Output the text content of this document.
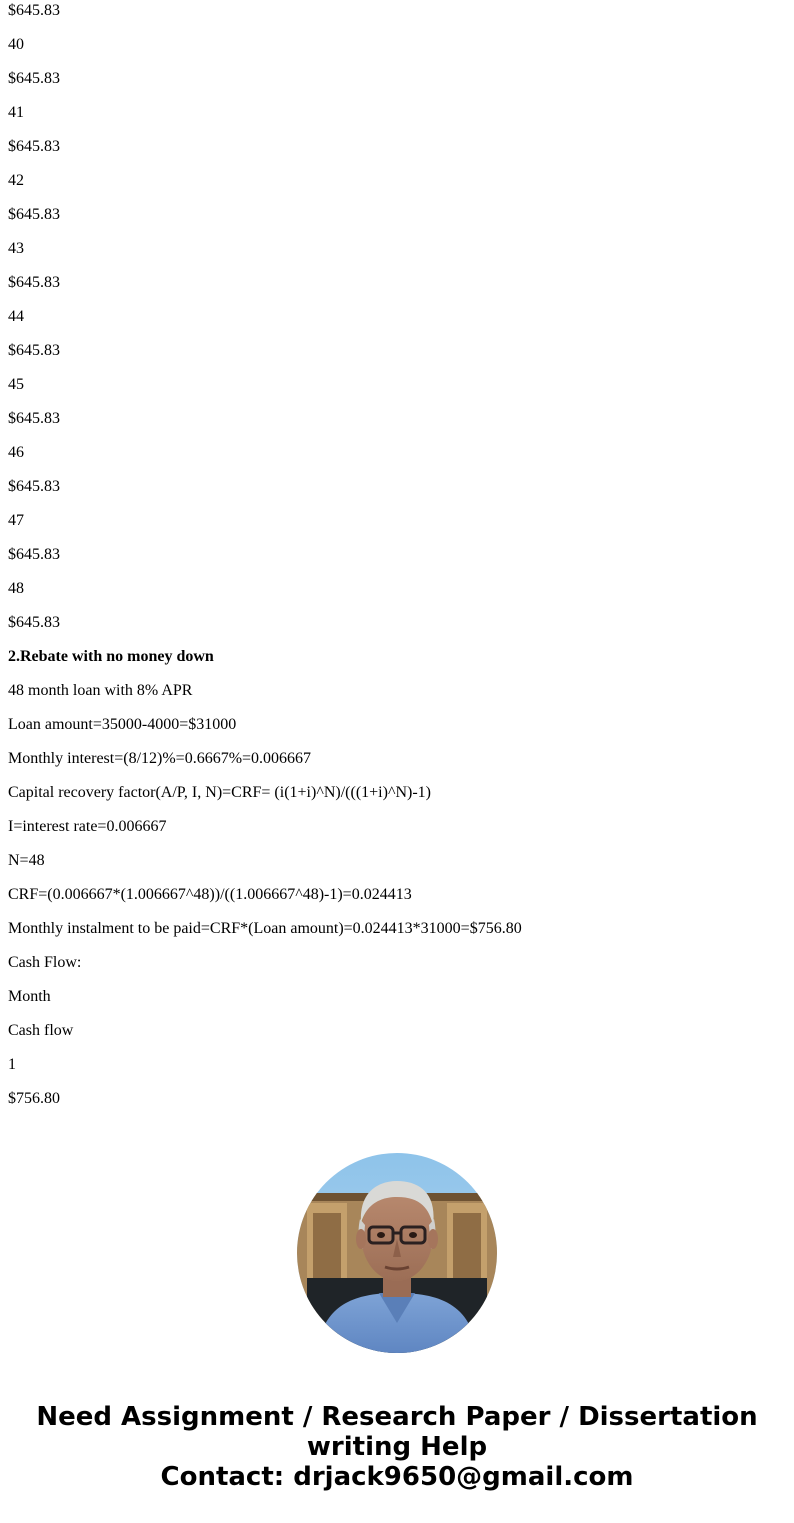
$645.83
40
$645.83
41
$645.83
42
$645.83
43
$645.83
44
$645.83
45
$645.83
46
$645.83
47
$645.83
48
$645.83
2.Rebate with no money down
48 month loan with 8% APR
Loan amount=35000-4000=$31000
Monthly interest=(8/12)%=0.6667%=0.006667
Capital recovery factor(A/P, I, N)=CRF= (i(1+i)^N)/(((1+i)^N)-1)
I=interest rate=0.006667
N=48
CRF=(0.006667*(1.006667^48))/((1.006667^48)-1)=0.024413
Monthly instalment to be paid=CRF*(Loan amount)=0.024413*31000=$756.80
Cash Flow:
Month
Cash flow
1
$756.80
Need Assignment / Research Paper / Dissertation
writing Help
Contact: drjack9650@gmail.com
